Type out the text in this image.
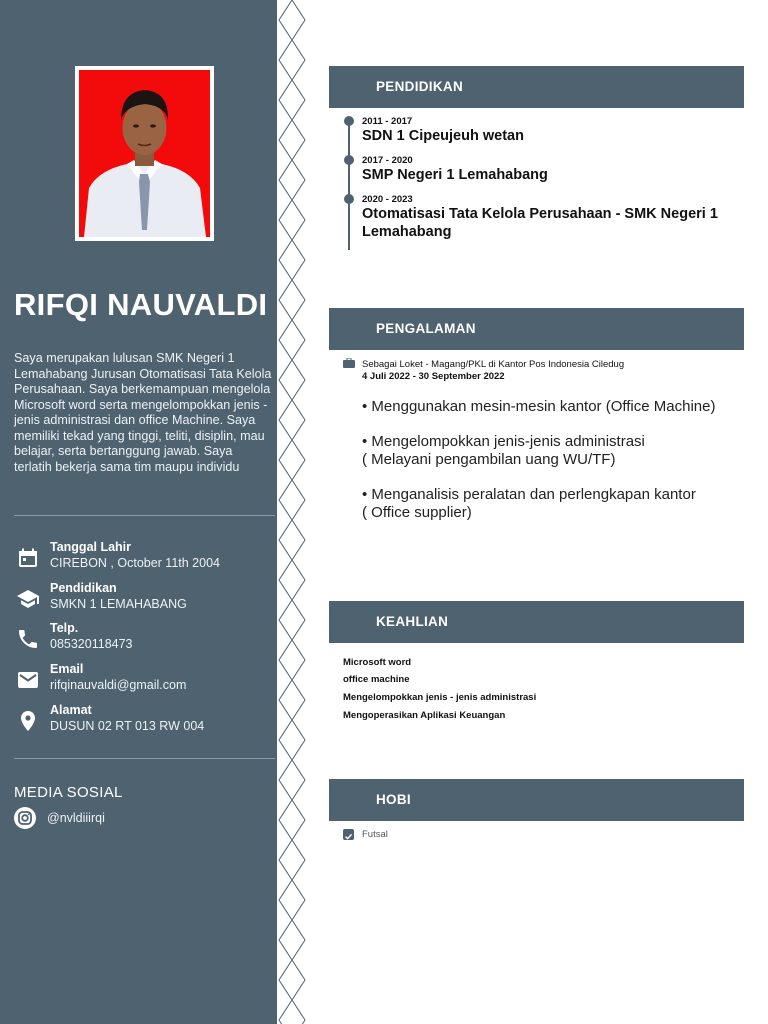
RIFQI NAUVALDI
Saya merupakan lulusan SMK Negeri 1 Lemahabang Jurusan Otomatisasi Tata Kelola Perusahaan. Saya berkemampuan mengelola Microsoft word serta mengelompokkan jenis - jenis administrasi dan office Machine. Saya memiliki tekad yang tinggi, teliti, disiplin, mau belajar, serta bertanggung jawab. Saya terlatih bekerja sama tim maupu individu
Tanggal Lahir
CIREBON , October 11th 2004
Pendidikan
SMKN 1 LEMAHABANG
Telp.
085320118473
Email
rifqinauvaldi@gmail.com
Alamat
DUSUN 02 RT 013 RW 004
MEDIA SOSIAL
@nvldiiirqi
PENDIDIKAN
2011 - 2017
SDN 1 Cipeujeuh wetan
2017 - 2020
SMP Negeri 1 Lemahabang
2020 - 2023
Otomatisasi Tata Kelola Perusahaan - SMK Negeri 1 Lemahabang
PENGALAMAN
Sebagai Loket - Magang/PKL di Kantor Pos Indonesia Ciledug
4 Juli 2022 - 30 September 2022
• Menggunakan mesin-mesin kantor (Office Machine)
• Mengelompokkan jenis-jenis administrasi
( Melayani pengambilan uang WU/TF)
• Menganalisis peralatan dan perlengkapan kantor
( Office supplier)
KEAHLIAN
Microsoft word
office machine
Mengelompokkan jenis - jenis administrasi
Mengoperasikan Aplikasi Keuangan
HOBI
Futsal
